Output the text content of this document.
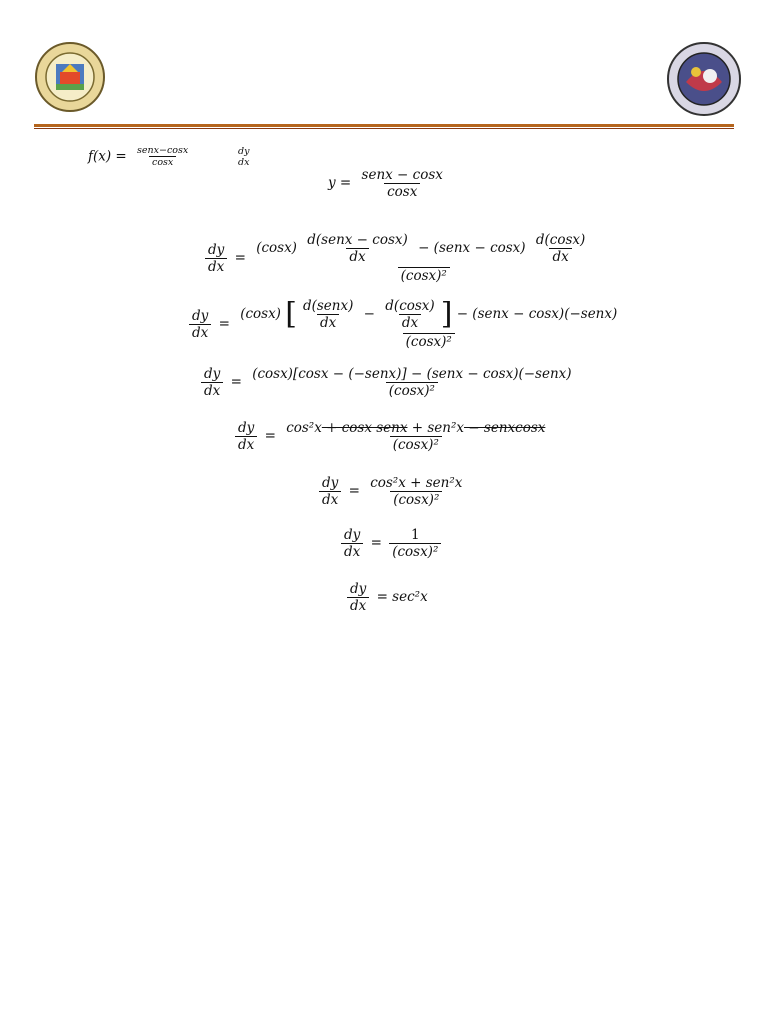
$f(x) = \frac{\text{senx−cosx}}{\cos x}$	dy
dx
$y = \frac{\text{senx − cosx}}{\cos x}$
$\frac{dy}{dx}$ =
$(\cos x) \frac{\text{d(senx − cosx)}}{dx}$ − (senx − $\cos x) \frac{d(\cos x)}{dx}$
(cosx)²
$\frac{dy}{dx}$ =
(cosx) [ $\frac{\text{d(senx)}}{dx} - \frac{d(\cos x)}{dx}$ ] − (senx − cosx)(−senx)
(cosx)²
$\frac{dy}{dx} = \frac{\text{(cosx)[cosx − (−senx)] − (senx − cosx)(−senx)}}{\text{(cosx)²}}$
$\frac{dy}{dx} = \frac{\text{cos²x + cosx senx + sen²x − senxcosx}}{\text{(cosx)²}}$
$\frac{dy}{dx} = \frac{\text{cos²x + sen²x}}{\text{(cosx)²}}$
$\frac{dy}{dx} = \frac{1}{\text{(cosx)²}}$
$\frac{dy}{dx} = \sec^2x$
